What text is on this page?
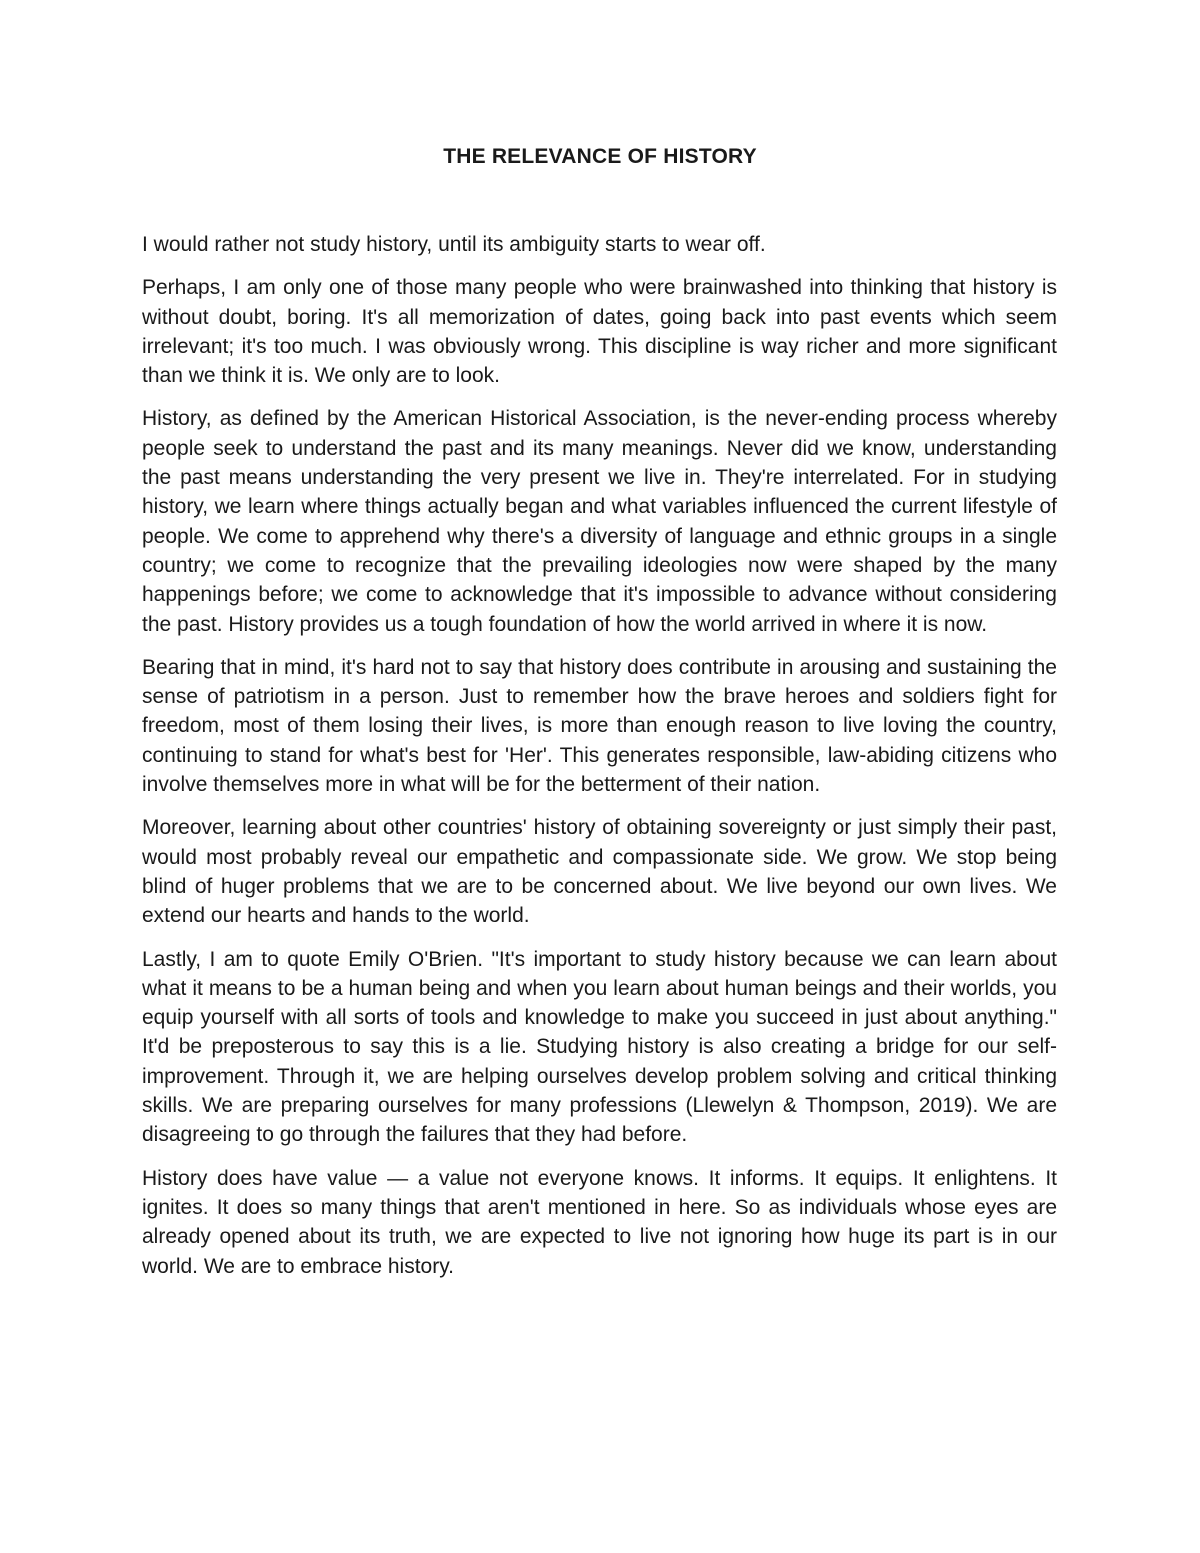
THE RELEVANCE OF HISTORY

I would rather not study history, until its ambiguity starts to wear off.

Perhaps, I am only one of those many people who were brainwashed into thinking that history is without doubt, boring. It's all memorization of dates, going back into past events which seem irrelevant; it's too much. I was obviously wrong. This discipline is way richer and more significant than we think it is. We only are to look.

History, as defined by the American Historical Association, is the never-ending process whereby people seek to understand the past and its many meanings. Never did we know, understanding the past means understanding the very present we live in. They're interrelated. For in studying history, we learn where things actually began and what variables influenced the current lifestyle of people. We come to apprehend why there's a diversity of language and ethnic groups in a single country; we come to recognize that the prevailing ideologies now were shaped by the many happenings before; we come to acknowledge that it's impossible to advance without considering the past. History provides us a tough foundation of how the world arrived in where it is now.

Bearing that in mind, it's hard not to say that history does contribute in arousing and sustaining the sense of patriotism in a person. Just to remember how the brave heroes and soldiers fight for freedom, most of them losing their lives, is more than enough reason to live loving the country, continuing to stand for what's best for 'Her'. This generates responsible, law-abiding citizens who involve themselves more in what will be for the betterment of their nation.

Moreover, learning about other countries' history of obtaining sovereignty or just simply their past, would most probably reveal our empathetic and compassionate side. We grow. We stop being blind of huger problems that we are to be concerned about. We live beyond our own lives. We extend our hearts and hands to the world.

Lastly, I am to quote Emily O'Brien. "It's important to study history because we can learn about what it means to be a human being and when you learn about human beings and their worlds, you equip yourself with all sorts of tools and knowledge to make you succeed in just about anything." It'd be preposterous to say this is a lie. Studying history is also creating a bridge for our self-improvement. Through it, we are helping ourselves develop problem solving and critical thinking skills. We are preparing ourselves for many professions (Llewelyn & Thompson, 2019). We are disagreeing to go through the failures that they had before.

History does have value — a value not everyone knows. It informs. It equips. It enlightens. It ignites. It does so many things that aren't mentioned in here. So as individuals whose eyes are already opened about its truth, we are expected to live not ignoring how huge its part is in our world. We are to embrace history.
